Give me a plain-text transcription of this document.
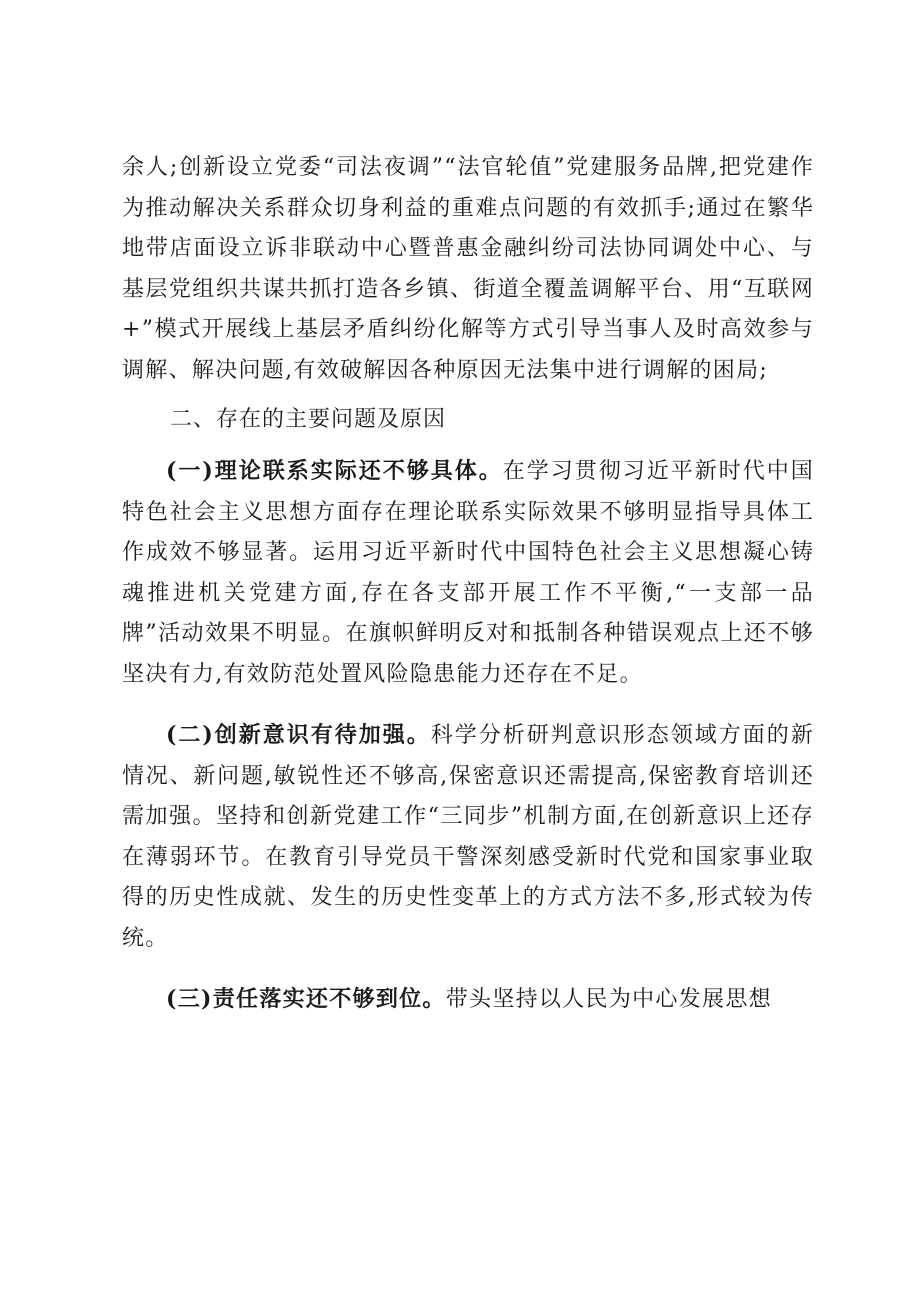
余人;创新设立党委“司法夜调”“法官轮值”党建服务品牌,把党建作为推动解决关系群众切身利益的重难点问题的有效抓手;通过在繁华地带店面设立诉非联动中心暨普惠金融纠纷司法协同调处中心、与基层党组织共谋共抓打造各乡镇、街道全覆盖调解平台、用“互联网+”模式开展线上基层矛盾纠纷化解等方式引导当事人及时高效参与调解、解决问题,有效破解因各种原因无法集中进行调解的困局;

二、存在的主要问题及原因

(一)理论联系实际还不够具体。在学习贯彻习近平新时代中国特色社会主义思想方面存在理论联系实际效果不够明显指导具体工作成效不够显著。运用习近平新时代中国特色社会主义思想凝心铸魂推进机关党建方面,存在各支部开展工作不平衡,“一支部一品牌”活动效果不明显。在旗帜鲜明反对和抵制各种错误观点上还不够坚决有力,有效防范处置风险隐患能力还存在不足。

(二)创新意识有待加强。科学分析研判意识形态领域方面的新情况、新问题,敏锐性还不够高,保密意识还需提高,保密教育培训还需加强。坚持和创新党建工作“三同步”机制方面,在创新意识上还存在薄弱环节。在教育引导党员干警深刻感受新时代党和国家事业取得的历史性成就、发生的历史性变革上的方式方法不多,形式较为传统。

(三)责任落实还不够到位。带头坚持以人民为中心发展思想
